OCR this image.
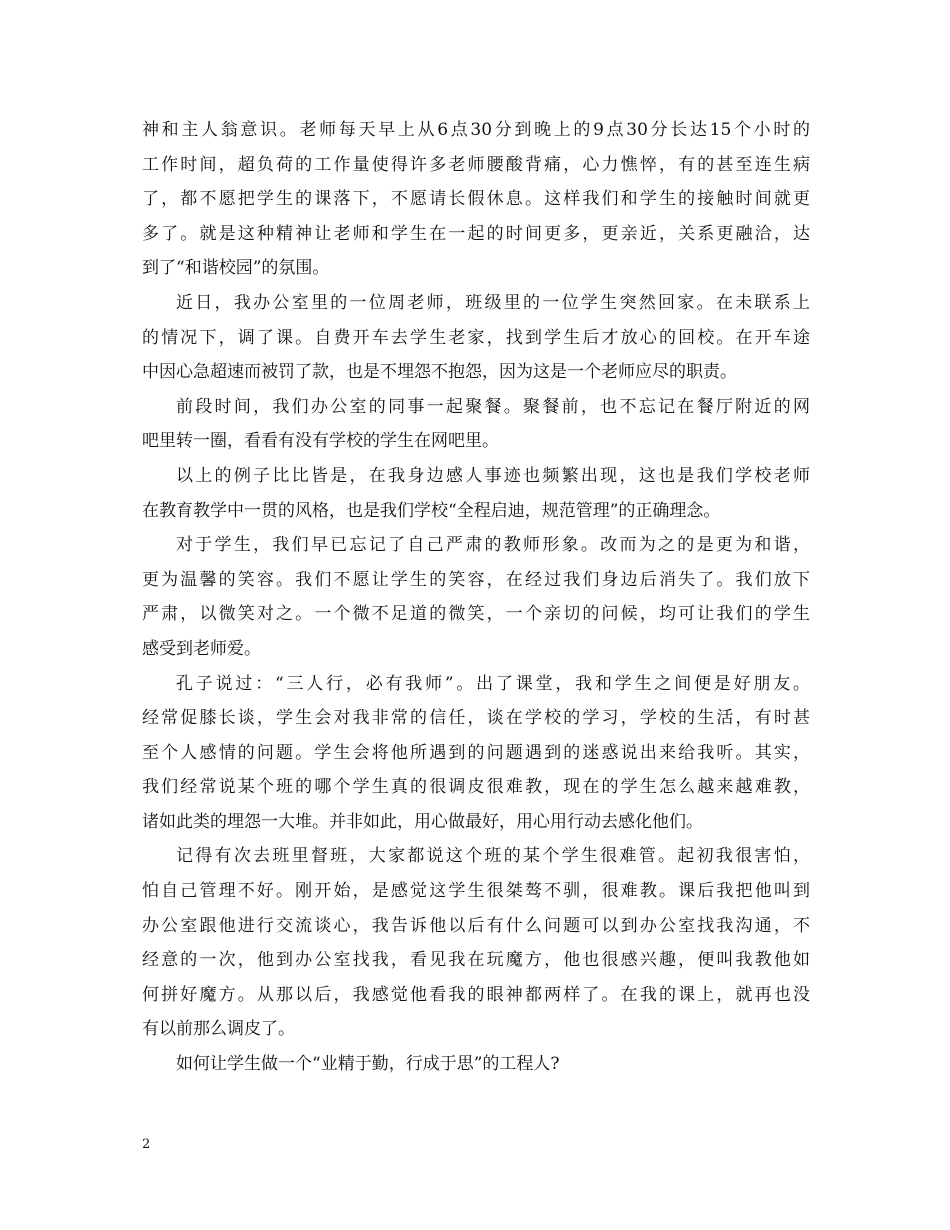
神和主人翁意识。老师每天早上从6点30分到晚上的9点30分长达15个小时的
工作时间，超负荷的工作量使得许多老师腰酸背痛，心力憔悴，有的甚至连生病
了，都不愿把学生的课落下，不愿请长假休息。这样我们和学生的接触时间就更
多了。就是这种精神让老师和学生在一起的时间更多，更亲近，关系更融洽，达
到了“和谐校园”的氛围。
近日，我办公室里的一位周老师，班级里的一位学生突然回家。在未联系上
的情况下，调了课。自费开车去学生老家，找到学生后才放心的回校。在开车途
中因心急超速而被罚了款，也是不埋怨不抱怨，因为这是一个老师应尽的职责。
前段时间，我们办公室的同事一起聚餐。聚餐前，也不忘记在餐厅附近的网
吧里转一圈，看看有没有学校的学生在网吧里。
以上的例子比比皆是，在我身边感人事迹也频繁出现，这也是我们学校老师
在教育教学中一贯的风格，也是我们学校“全程启迪，规范管理”的正确理念。
对于学生，我们早已忘记了自己严肃的教师形象。改而为之的是更为和谐，
更为温馨的笑容。我们不愿让学生的笑容，在经过我们身边后消失了。我们放下
严肃，以微笑对之。一个微不足道的微笑，一个亲切的问候，均可让我们的学生
感受到老师爱。
孔子说过：“三人行，必有我师”。出了课堂，我和学生之间便是好朋友。
经常促膝长谈，学生会对我非常的信任，谈在学校的学习，学校的生活，有时甚
至个人感情的问题。学生会将他所遇到的问题遇到的迷惑说出来给我听。其实，
我们经常说某个班的哪个学生真的很调皮很难教，现在的学生怎么越来越难教，
诸如此类的埋怨一大堆。并非如此，用心做最好，用心用行动去感化他们。
记得有次去班里督班，大家都说这个班的某个学生很难管。起初我很害怕，
怕自己管理不好。刚开始，是感觉这学生很桀骜不驯，很难教。课后我把他叫到
办公室跟他进行交流谈心，我告诉他以后有什么问题可以到办公室找我沟通，不
经意的一次，他到办公室找我，看见我在玩魔方，他也很感兴趣，便叫我教他如
何拼好魔方。从那以后，我感觉他看我的眼神都两样了。在我的课上，就再也没
有以前那么调皮了。
如何让学生做一个“业精于勤，行成于思”的工程人?
2
